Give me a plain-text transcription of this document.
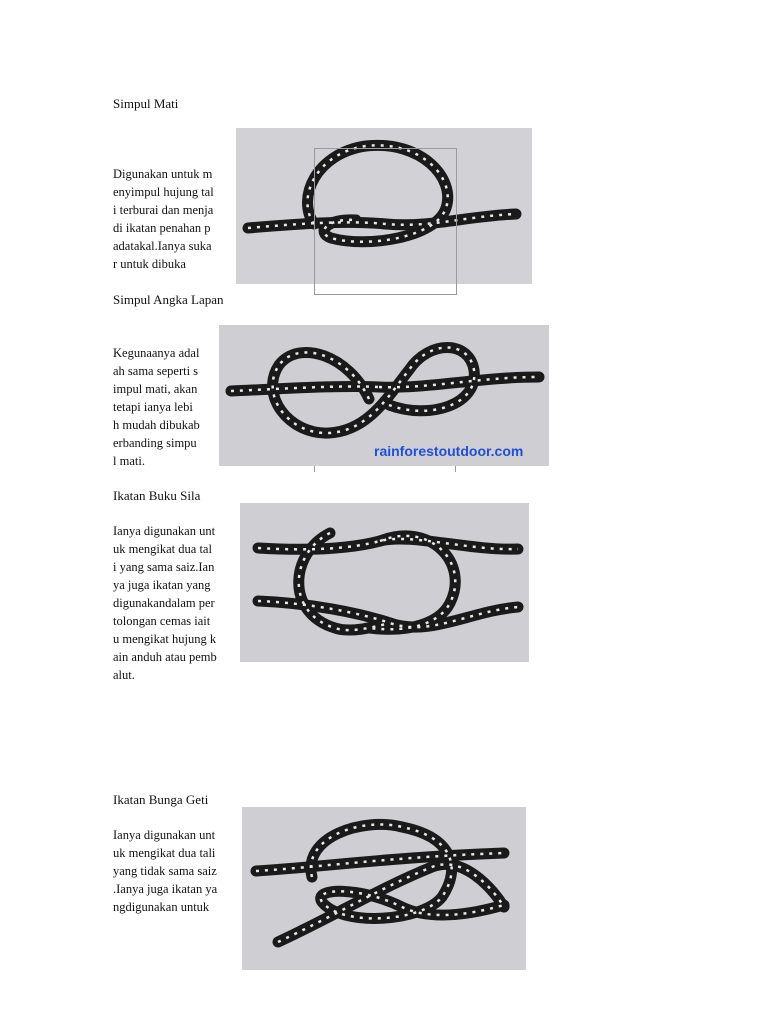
Simpul Mati
Digunakan untuk m
enyimpul hujung tal
i terburai dan menja
di ikatan penahan p
adatakal.Ianya suka
r untuk dibuka
Simpul Angka Lapan
Kegunaanya adal
ah sama seperti s
impul mati, akan
tetapi ianya lebi
h mudah dibukab
erbanding simpu
l mati.
rainforestoutdoor.com
Ikatan Buku Sila
Ianya digunakan unt
uk mengikat dua tal
i yang sama saiz.Ian
ya juga ikatan yang
digunakandalam per
tolongan cemas iait
u mengikat hujung k
ain anduh atau pemb
alut.
Ikatan Bunga Geti
Ianya digunakan unt
uk mengikat dua tali
yang tidak sama saiz
.Ianya juga ikatan ya
ngdigunakan untuk
